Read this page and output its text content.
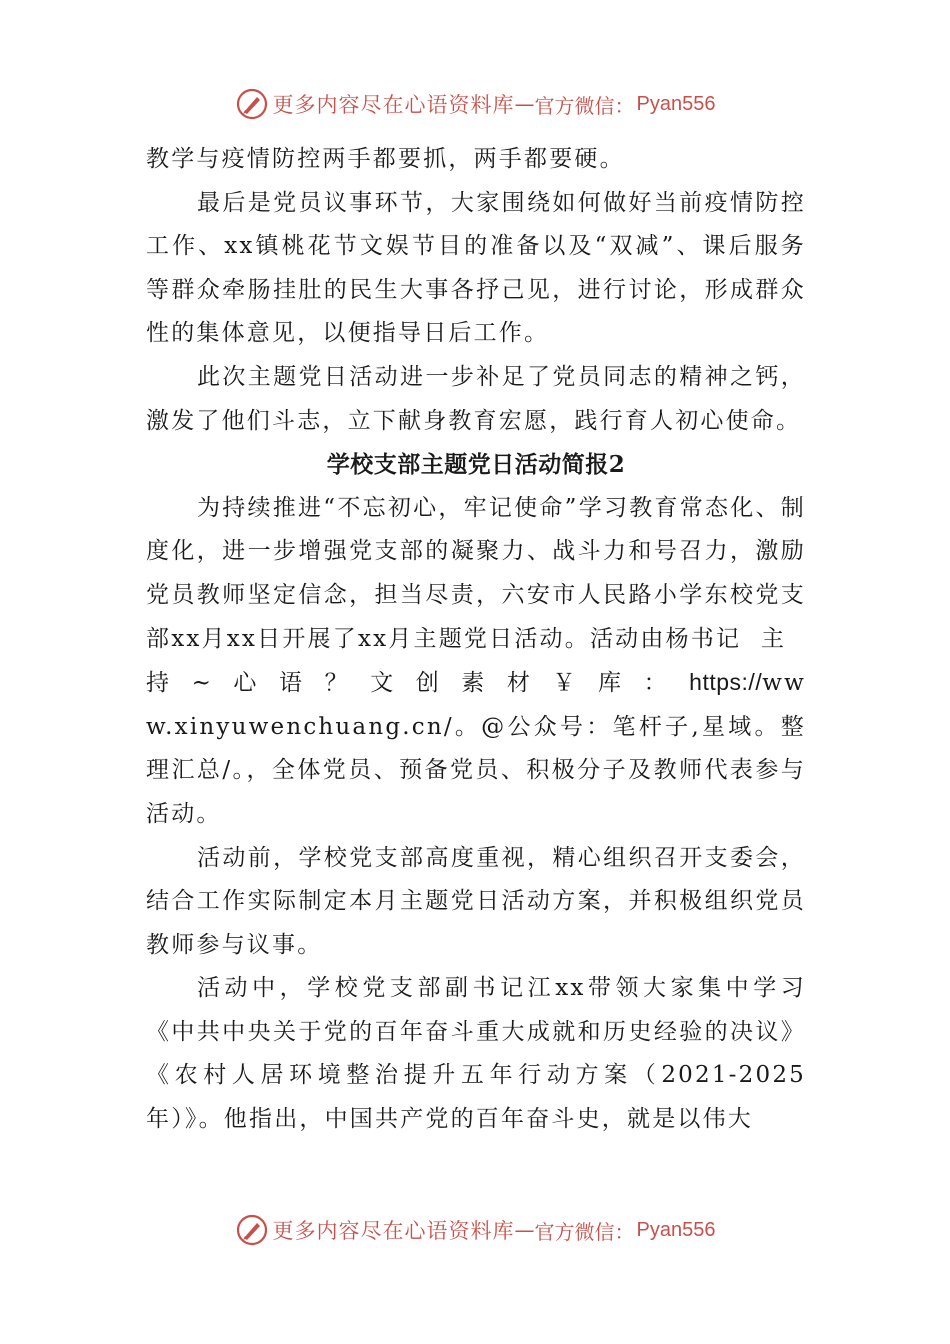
更多内容尽在心语资料库 — 官方微信： Pyan556

教学与疫情防控两手都要抓，两手都要硬。

最后是党员议事环节，大家围绕如何做好当前疫情防控工作、xx镇桃花节文娱节目的准备以及“双减”、课后服务等群众牵肠挂肚的民生大事各抒己见，进行讨论，形成群众性的集体意见，以便指导日后工作。

此次主题党日活动进一步补足了党员同志的精神之钙，激发了他们斗志，立下献身教育宏愿，践行育人初心使命。

学校支部主题党日活动简报2

为持续推进“不忘初心，牢记使命”学习教育常态化、制度化，进一步增强党支部的凝聚力、战斗力和号召力，激励党员教师坚定信念，担当尽责，六安市人民路小学东校党支部xx月xx日开展了xx月主题党日活动。活动由杨书记主持~心语？文创素材￥库：https://www.xinyuwenchuang.cn/。@公众号：笔杆子,星域。整理汇总/。，全体党员、预备党员、积极分子及教师代表参与活动。

活动前，学校党支部高度重视，精心组织召开支委会，结合工作实际制定本月主题党日活动方案，并积极组织党员教师参与议事。

活动中，学校党支部副书记江xx带领大家集中学习《中共中央关于党的百年奋斗重大成就和历史经验的决议》《农村人居环境整治提升五年行动方案（2021-2025年）》。他指出，中国共产党的百年奋斗史，就是以伟大

更多内容尽在心语资料库 — 官方微信： Pyan556
